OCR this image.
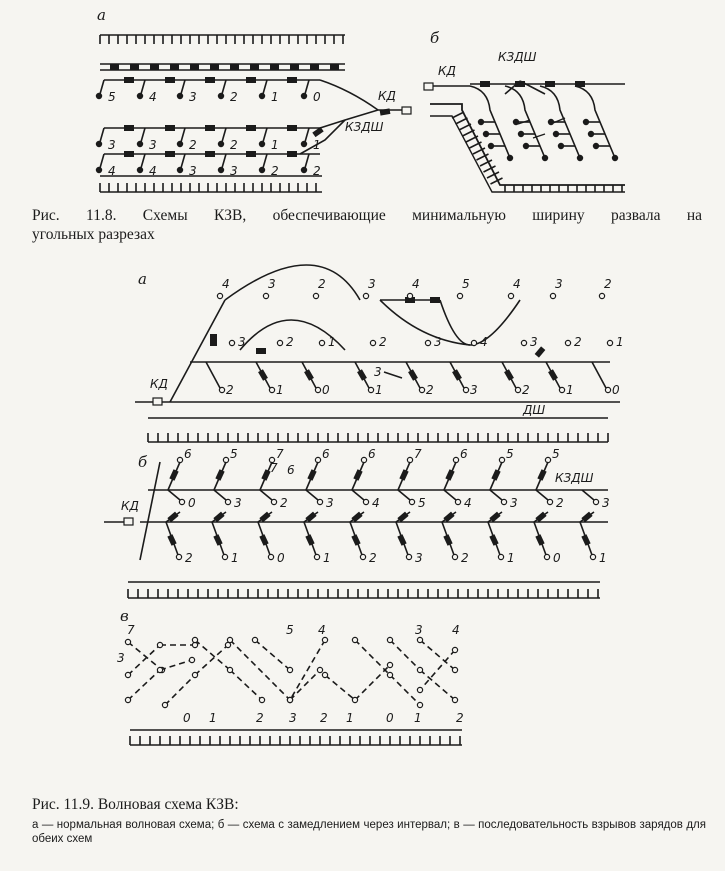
а
5	4	3	2	1	0
3	3	2	2	1	1
4	4	3	3	2	2
КД
КЗДШ
б
КД
КЗДШ
а
КД
4	3	2	3	4	5	4	3	2
3	2	1	2	3	4	3	2	1
2	1	0	1	2	3	2	1	0
3
ДШ
б
КД
6	5	7	6	6	7	6	5	5
0	3	2	3	4	5	4	3	2	3
2	1	0	1	2	3	2	1	0	1
7 6
КЗДШ
в
7
3
5 4	3 4
0 1	2 3 2 1	0 1	2

Рис. 11.8. Схемы КЗВ, обеспечивающие минимальную ширину развала на

угольных разрезах

Рис. 11.9. Волновая схема КЗВ:

а — нормальная волновая схема; б — схема с замедлением через интервал; в — последовательность взрывов зарядов для обеих схем
